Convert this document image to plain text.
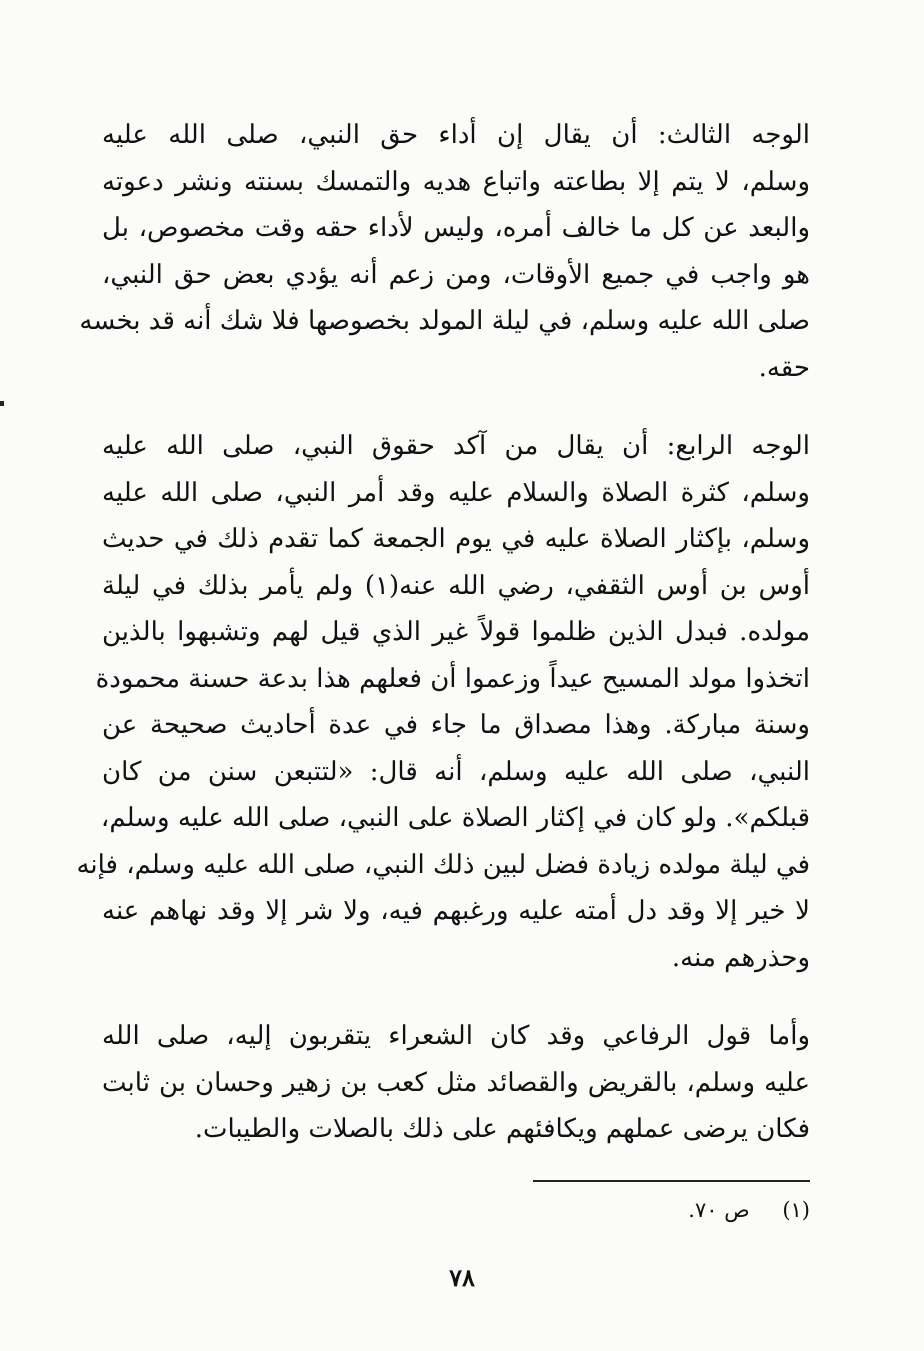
الوجه الثالث: أن يقال إن أداء حق النبي، صلى الله عليه
وسلم، لا يتم إلا بطاعته واتباع هديه والتمسك بسنته ونشر دعوته
والبعد عن كل ما خالف أمره، وليس لأداء حقه وقت مخصوص، بل
هو واجب في جميع الأوقات، ومن زعم أنه يؤدي بعض حق النبي،
صلى الله عليه وسلم، في ليلة المولد بخصوصها فلا شك أنه قد بخسه
حقه.
الوجه الرابع: أن يقال من آكد حقوق النبي، صلى الله عليه
وسلم، كثرة الصلاة والسلام عليه وقد أمر النبي، صلى الله عليه
وسلم، بإكثار الصلاة عليه في يوم الجمعة كما تقدم ذلك في حديث
أوس بن أوس الثقفي، رضي الله عنه(١) ولم يأمر بذلك في ليلة
مولده. فبدل الذين ظلموا قولاً غير الذي قيل لهم وتشبهوا بالذين
اتخذوا مولد المسيح عيداً وزعموا أن فعلهم هذا بدعة حسنة محمودة
وسنة مباركة. وهذا مصداق ما جاء في عدة أحاديث صحيحة عن
النبي، صلى الله عليه وسلم، أنه قال: «لتتبعن سنن من كان
قبلكم». ولو كان في إكثار الصلاة على النبي، صلى الله عليه وسلم،
في ليلة مولده زيادة فضل لبين ذلك النبي، صلى الله عليه وسلم، فإنه
لا خير إلا وقد دل أمته عليه ورغبهم فيه، ولا شر إلا وقد نهاهم عنه
وحذرهم منه.
وأما قول الرفاعي وقد كان الشعراء يتقربون إليه، صلى الله
عليه وسلم، بالقريض والقصائد مثل كعب بن زهير وحسان بن ثابت
فكان يرضى عملهم ويكافئهم على ذلك بالصلات والطيبات.
(١) ص ٧٠.
٧٨
